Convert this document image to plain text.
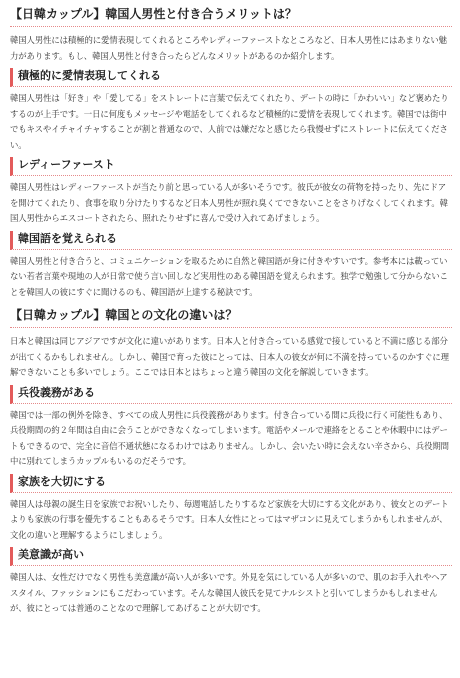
【日韓カップル】韓国人男性と付き合うメリットは？

韓国人男性には積極的に愛情表現してくれるところやレディーファーストなところなど、日本人男性にはあまりない魅力があります。もし、韓国人男性と付き合ったらどんなメリットがあるのか紹介します。

積極的に愛情表現してくれる

韓国人男性は「好き」や「愛してる」をストレートに言葉で伝えてくれたり、デートの時に「かわいい」など褒めたりするのが上手です。一日に何度もメッセージや電話をしてくれるなど積極的に愛情を表現してくれます。韓国では街中でもキスやイチャイチャすることが割と普通なので、人前では嫌だなと感じたら我慢せずにストレートに伝えてください。

レディーファースト

韓国人男性はレディーファーストが当たり前と思っている人が多いそうです。彼氏が彼女の荷物を持ったり、先にドアを開けてくれたり、食事を取り分けたりするなど日本人男性が照れ臭くてできないことをさりげなくしてくれます。韓国人男性からエスコートされたら、照れたりせずに喜んで受け入れてあげましょう。

韓国語を覚えられる

韓国人男性と付き合うと、コミュニケーションを取るために自然と韓国語が身に付きやすいです。参考本には載っていない若者言葉や現地の人が日常で使う言い回しなど実用性のある韓国語を覚えられます。独学で勉強して分からないことを韓国人の彼にすぐに聞けるのも、韓国語が上達する秘訣です。

【日韓カップル】韓国との文化の違いは？

日本と韓国は同じアジアですが文化に違いがあります。日本人と付き合っている感覚で接していると不満に感じる部分が出てくるかもしれません。しかし、韓国で育った彼にとっては、日本人の彼女が何に不満を持っているのかすぐに理解できないことも多いでしょう。ここでは日本とはちょっと違う韓国の文化を解説していきます。

兵役義務がある

韓国では一部の例外を除き、すべての成人男性に兵役義務があります。付き合っている間に兵役に行く可能性もあり、兵役期間の約２年間は自由に会うことができなくなってしまいます。電話やメールで連絡をとることや休暇中にはデートもできるので、完全に音信不通状態になるわけではありません。しかし、会いたい時に会えない辛さから、兵役期間中に別れてしまうカップルもいるのだそうです。

家族を大切にする

韓国人は母親の誕生日を家族でお祝いしたり、毎週電話したりするなど家族を大切にする文化があり、彼女とのデートよりも家族の行事を優先することもあるそうです。日本人女性にとってはマザコンに見えてしまうかもしれませんが、文化の違いと理解するようにしましょう。

美意識が高い

韓国人は、女性だけでなく男性も美意識が高い人が多いです。外見を気にしている人が多いので、肌のお手入れやヘアスタイル、ファッションにもこだわっています。そんな韓国人彼氏を見てナルシストと引いてしまうかもしれませんが、彼にとっては普通のことなので理解してあげることが大切です。
